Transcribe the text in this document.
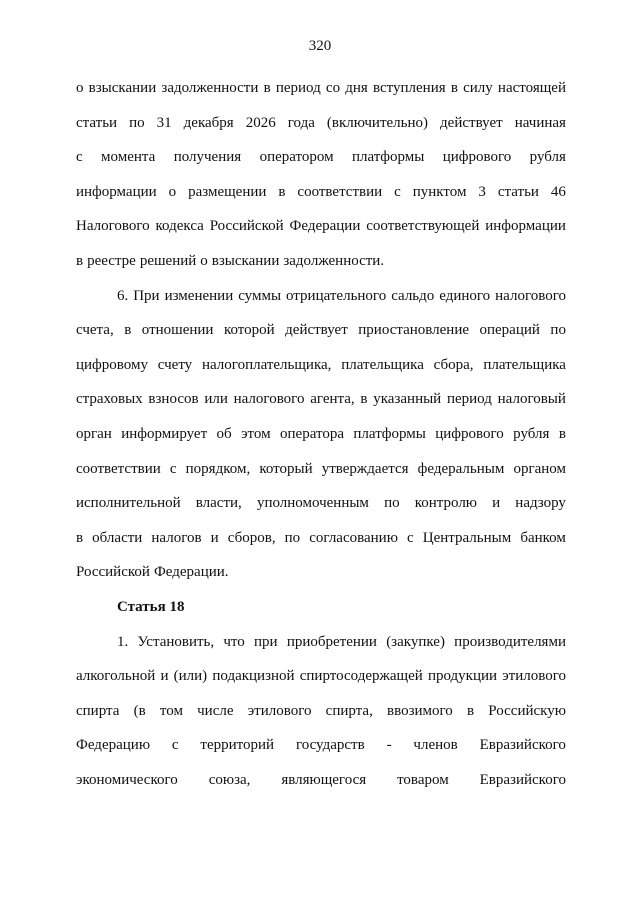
320
о взыскании задолженности в период со дня вступления в силу настоящей
статьи по 31 декабря 2026 года (включительно) действует начиная
с момента получения оператором платформы цифрового рубля
информации о размещении в соответствии с пунктом 3 статьи 46
Налогового кодекса Российской Федерации соответствующей информации
в реестре решений о взыскании задолженности.
6. При изменении суммы отрицательного сальдо единого налогового
счета, в отношении которой действует приостановление операций по
цифровому счету налогоплательщика, плательщика сбора, плательщика
страховых взносов или налогового агента, в указанный период налоговый
орган информирует об этом оператора платформы цифрового рубля в
соответствии с порядком, который утверждается федеральным органом
исполнительной власти, уполномоченным по контролю и надзору
в области налогов и сборов, по согласованию с Центральным банком
Российской Федерации.
Статья 18
1. Установить, что при приобретении (закупке) производителями
алкогольной и (или) подакцизной спиртосодержащей продукции этилового
спирта (в том числе этилового спирта, ввозимого в Российскую
Федерацию с территорий государств - членов Евразийского
экономического союза, являющегося товаром Евразийского
